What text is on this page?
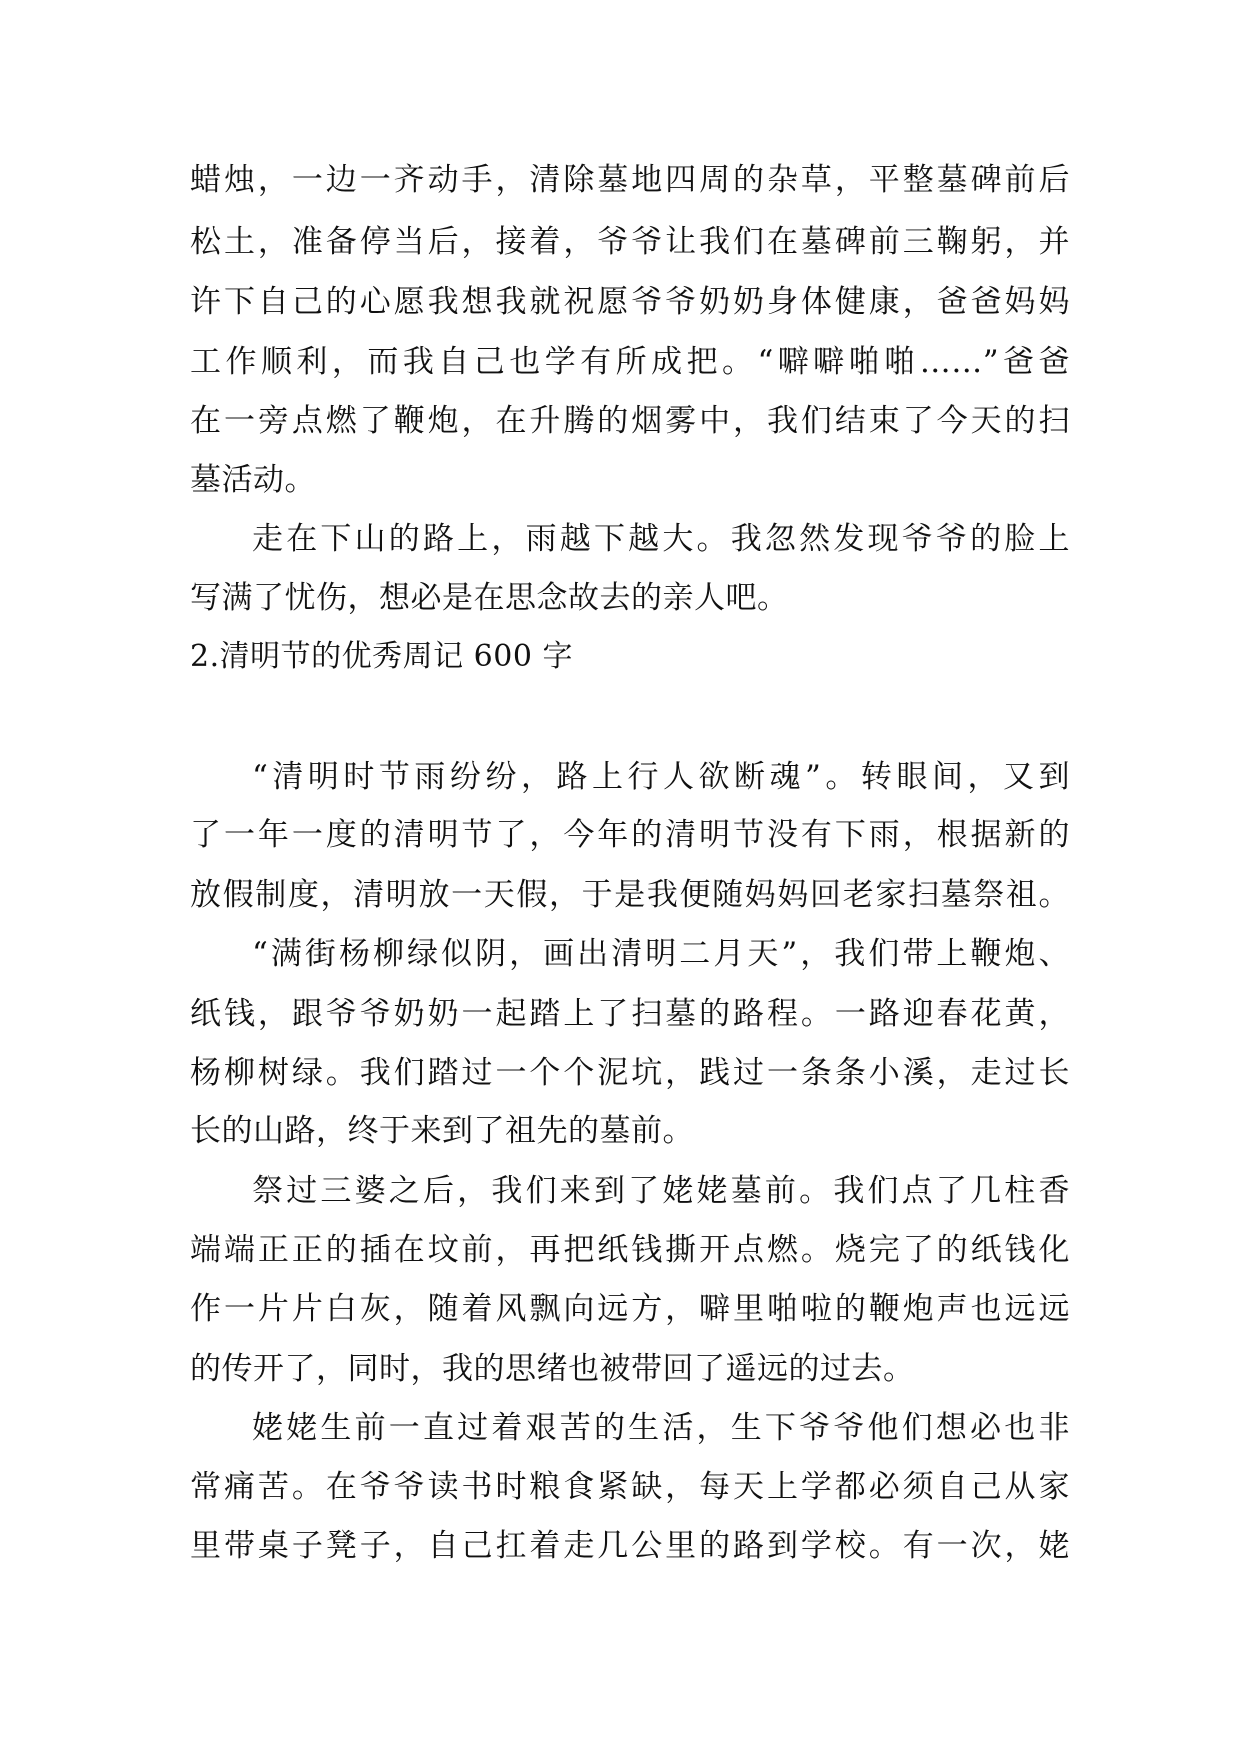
蜡烛，一边一齐动手，清除墓地四周的杂草，平整墓碑前后
松土，准备停当后，接着，爷爷让我们在墓碑前三鞠躬，并
许下自己的心愿我想我就祝愿爷爷奶奶身体健康，爸爸妈妈
工作顺利，而我自己也学有所成把。“噼噼啪啪……”爸爸
在一旁点燃了鞭炮，在升腾的烟雾中，我们结束了今天的扫
墓活动。
走在下山的路上，雨越下越大。我忽然发现爷爷的脸上
写满了忧伤，想必是在思念故去的亲人吧。
2.清明节的优秀周记 600 字
“清明时节雨纷纷，路上行人欲断魂”。转眼间，又到
了一年一度的清明节了，今年的清明节没有下雨，根据新的
放假制度，清明放一天假，于是我便随妈妈回老家扫墓祭祖。
“满街杨柳绿似阴，画出清明二月天”，我们带上鞭炮、
纸钱，跟爷爷奶奶一起踏上了扫墓的路程。一路迎春花黄，
杨柳树绿。我们踏过一个个泥坑，践过一条条小溪，走过长
长的山路，终于来到了祖先的墓前。
祭过三婆之后，我们来到了姥姥墓前。我们点了几柱香
端端正正的插在坟前，再把纸钱撕开点燃。烧完了的纸钱化
作一片片白灰，随着风飘向远方，噼里啪啦的鞭炮声也远远
的传开了，同时，我的思绪也被带回了遥远的过去。
姥姥生前一直过着艰苦的生活，生下爷爷他们想必也非
常痛苦。在爷爷读书时粮食紧缺，每天上学都必须自己从家
里带桌子凳子，自己扛着走几公里的路到学校。有一次，姥
